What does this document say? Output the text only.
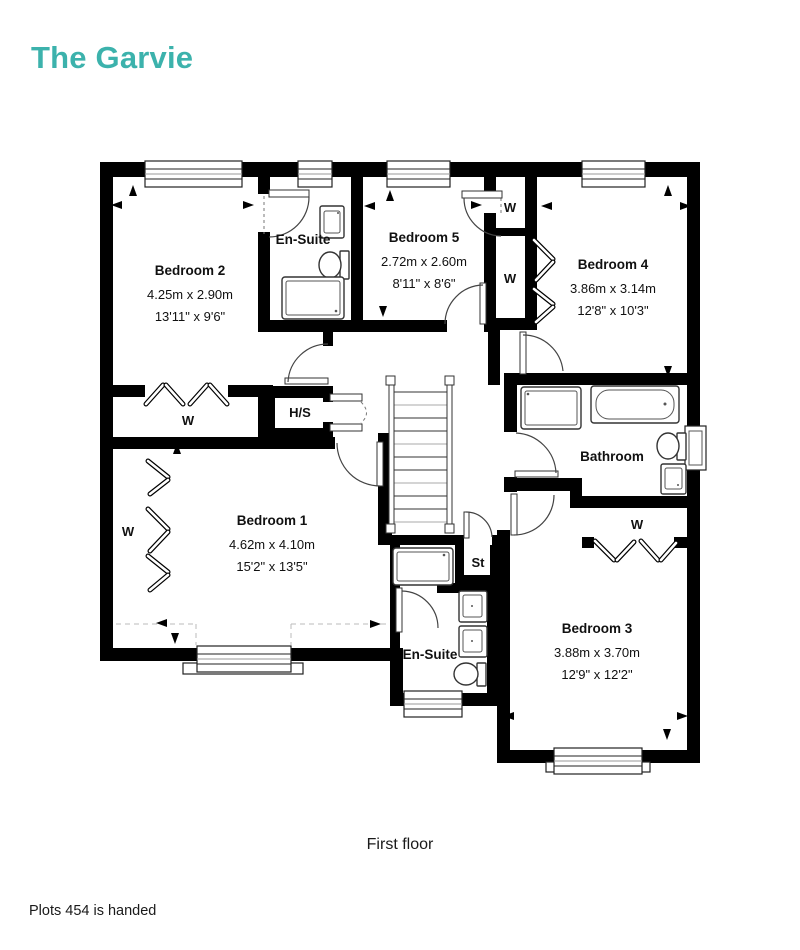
The Garvie
Bedroom 2
4.25m x 2.90m
13'11" x 9'6"
En-Suite	Bedroom 5
2.72m x 2.60m
8'11" x 8'6"
Bedroom 4
3.86m x 3.14m
12'8" x 10'3"
Bathroom
Bedroom 1
4.62m x 4.10m
15'2" x 13'5"
En-Suite
Bedroom 3
3.88m x 3.70m
12'9" x 12'2"
W
W
W
W	W
H/S
St
First floor
Plots 454 is handed
